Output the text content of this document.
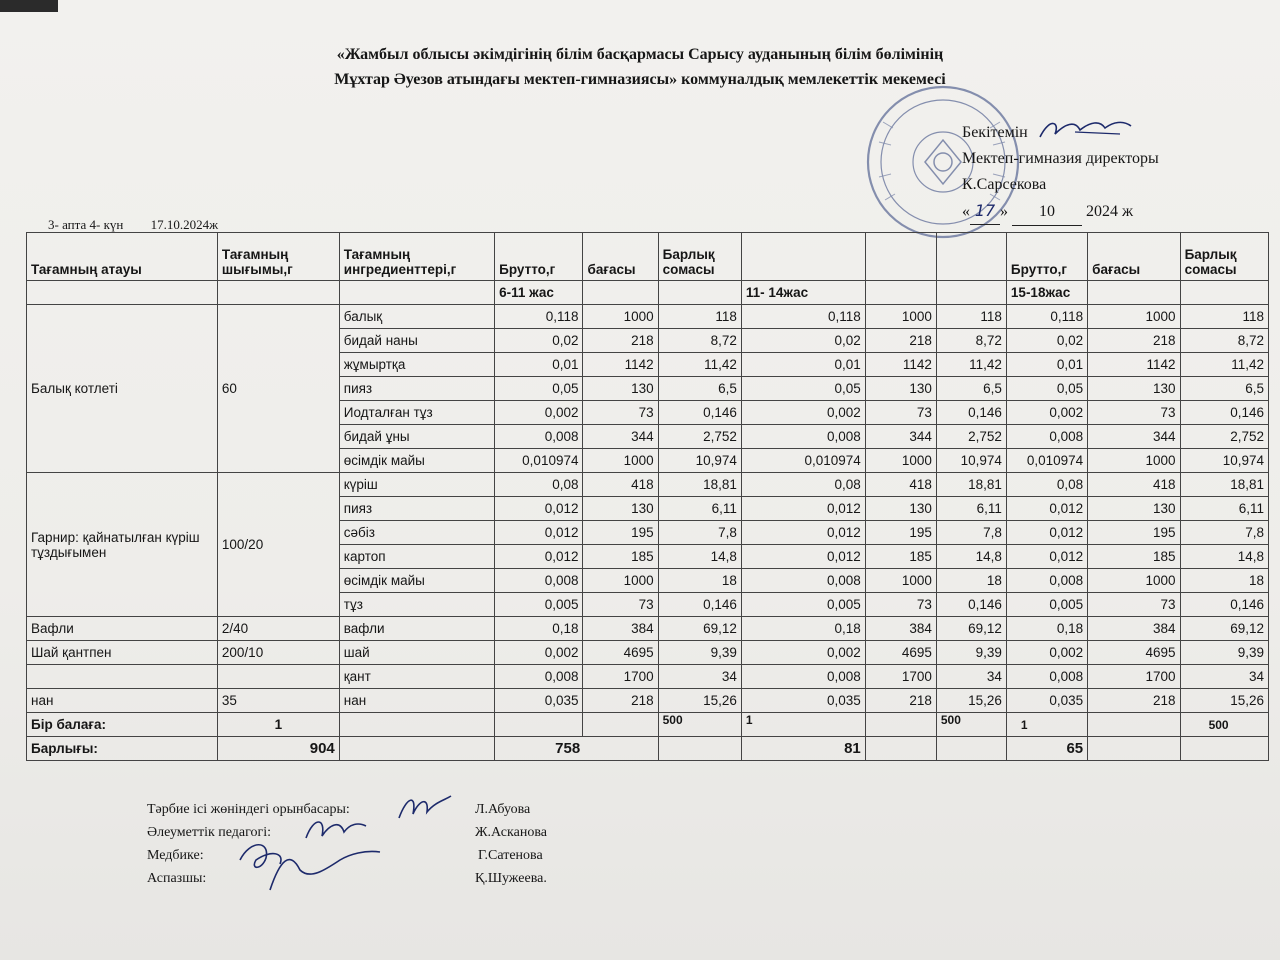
«Жамбыл облысы әкімдігінің білім басқармасы Сарысу ауданының білім бөлімінің
Мұхтар Әуезов атындағы мектеп-гимназиясы» коммуналдық мемлекеттік мекемесі
Бекітемін
Мектеп-гимназия директоры
К.Сарсекова
« 17 » 10 2024 ж
3- апта 4- күн 17.10.2024ж
Тағамның атауы	Тағамның шығымы,г	Тағамның ингредиенттері,г	Брутто,г	бағасы	Барлық сомасы				Брутто,г	бағасы	Барлық сомасы
			6-11 жас			11- 14жас			15-18жас		
Балық котлеті	60	балық	0,118	1000	118	0,118	1000	118	0,118	1000	118
		бидай наны	0,02	218	8,72	0,02	218	8,72	0,02	218	8,72
		жұмыртқа	0,01	1142	11,42	0,01	1142	11,42	0,01	1142	11,42
		пияз	0,05	130	6,5	0,05	130	6,5	0,05	130	6,5
		Иодталған тұз	0,002	73	0,146	0,002	73	0,146	0,002	73	0,146
		бидай ұны	0,008	344	2,752	0,008	344	2,752	0,008	344	2,752
		өсімдік майы	0,010974	1000	10,974	0,010974	1000	10,974	0,010974	1000	10,974
Гарнир: қайнатылған күріш тұздығымен	100/20	күріш	0,08	418	18,81	0,08	418	18,81	0,08	418	18,81
		пияз	0,012	130	6,11	0,012	130	6,11	0,012	130	6,11
		сәбіз	0,012	195	7,8	0,012	195	7,8	0,012	195	7,8
		картоп	0,012	185	14,8	0,012	185	14,8	0,012	185	14,8
		өсімдік майы	0,008	1000	18	0,008	1000	18	0,008	1000	18
		тұз	0,005	73	0,146	0,005	73	0,146	0,005	73	0,146
Вафли	2/40	вафли	0,18	384	69,12	0,18	384	69,12	0,18	384	69,12
Шай қантпен	200/10	шай	0,002	4695	9,39	0,002	4695	9,39	0,002	4695	9,39
		қант	0,008	1700	34	0,008	1700	34	0,008	1700	34
нан	35	нан	0,035	218	15,26	0,035	218	15,26	0,035	218	15,26
Бір балаға:	1				500	1		500	1		500
Барлығы:	904		758			81			65		
Тәрбие ісі жөніндегі орынбасары:	Л.Абуова
Әлеуметтік педагогі:	Ж.Асканова
Медбике:	Г.Сатенова
Аспазшы:	Қ.Шужеева.
